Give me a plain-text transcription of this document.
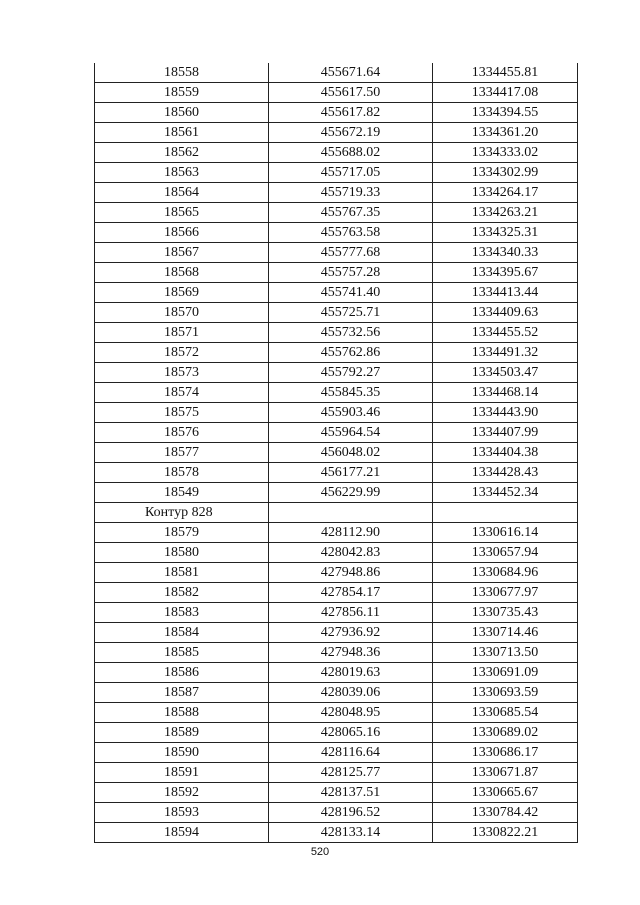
18558	455671.64	1334455.81
18559	455617.50	1334417.08
18560	455617.82	1334394.55
18561	455672.19	1334361.20
18562	455688.02	1334333.02
18563	455717.05	1334302.99
18564	455719.33	1334264.17
18565	455767.35	1334263.21
18566	455763.58	1334325.31
18567	455777.68	1334340.33
18568	455757.28	1334395.67
18569	455741.40	1334413.44
18570	455725.71	1334409.63
18571	455732.56	1334455.52
18572	455762.86	1334491.32
18573	455792.27	1334503.47
18574	455845.35	1334468.14
18575	455903.46	1334443.90
18576	455964.54	1334407.99
18577	456048.02	1334404.38
18578	456177.21	1334428.43
18549	456229.99	1334452.34
Контур 828		
18579	428112.90	1330616.14
18580	428042.83	1330657.94
18581	427948.86	1330684.96
18582	427854.17	1330677.97
18583	427856.11	1330735.43
18584	427936.92	1330714.46
18585	427948.36	1330713.50
18586	428019.63	1330691.09
18587	428039.06	1330693.59
18588	428048.95	1330685.54
18589	428065.16	1330689.02
18590	428116.64	1330686.17
18591	428125.77	1330671.87
18592	428137.51	1330665.67
18593	428196.52	1330784.42
18594	428133.14	1330822.21
520
